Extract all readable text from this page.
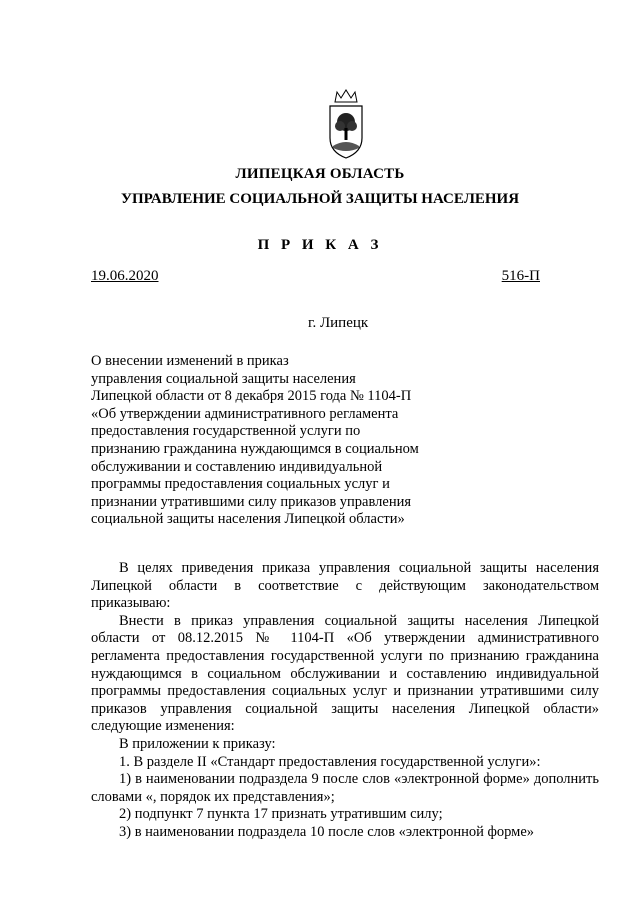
ЛИПЕЦКАЯ ОБЛАСТЬ
УПРАВЛЕНИЕ СОЦИАЛЬНОЙ ЗАЩИТЫ НАСЕЛЕНИЯ
П Р И К А З
19.06.2020	516-П
г. Липецк
О внесении изменений в приказ
управления социальной защиты населения
Липецкой области от 8 декабря 2015 года № 1104-П
«Об утверждении административного регламента
предоставления государственной услуги по
признанию гражданина нуждающимся в социальном
обслуживании и составлению индивидуальной
программы предоставления социальных услуг и
признании утратившими силу приказов управления
социальной защиты населения Липецкой области»

В целях приведения приказа управления социальной защиты населения Липецкой области в соответствие с действующим законодательством приказываю:

Внести в приказ управления социальной защиты населения Липецкой области от 08.12.2015 № 1104-П «Об утверждении административного регламента предоставления государственной услуги по признанию гражданина нуждающимся в социальном обслуживании и составлению индивидуальной программы предоставления социальных услуг и признании утратившими силу приказов управления социальной защиты населения Липецкой области» следующие изменения:

В приложении к приказу:

1. В разделе II «Стандарт предоставления государственной услуги»:

1) в наименовании подраздела 9 после слов «электронной форме» дополнить словами «, порядок их представления»;

2) подпункт 7 пункта 17 признать утратившим силу;

3) в наименовании подраздела 10 после слов «электронной форме»
